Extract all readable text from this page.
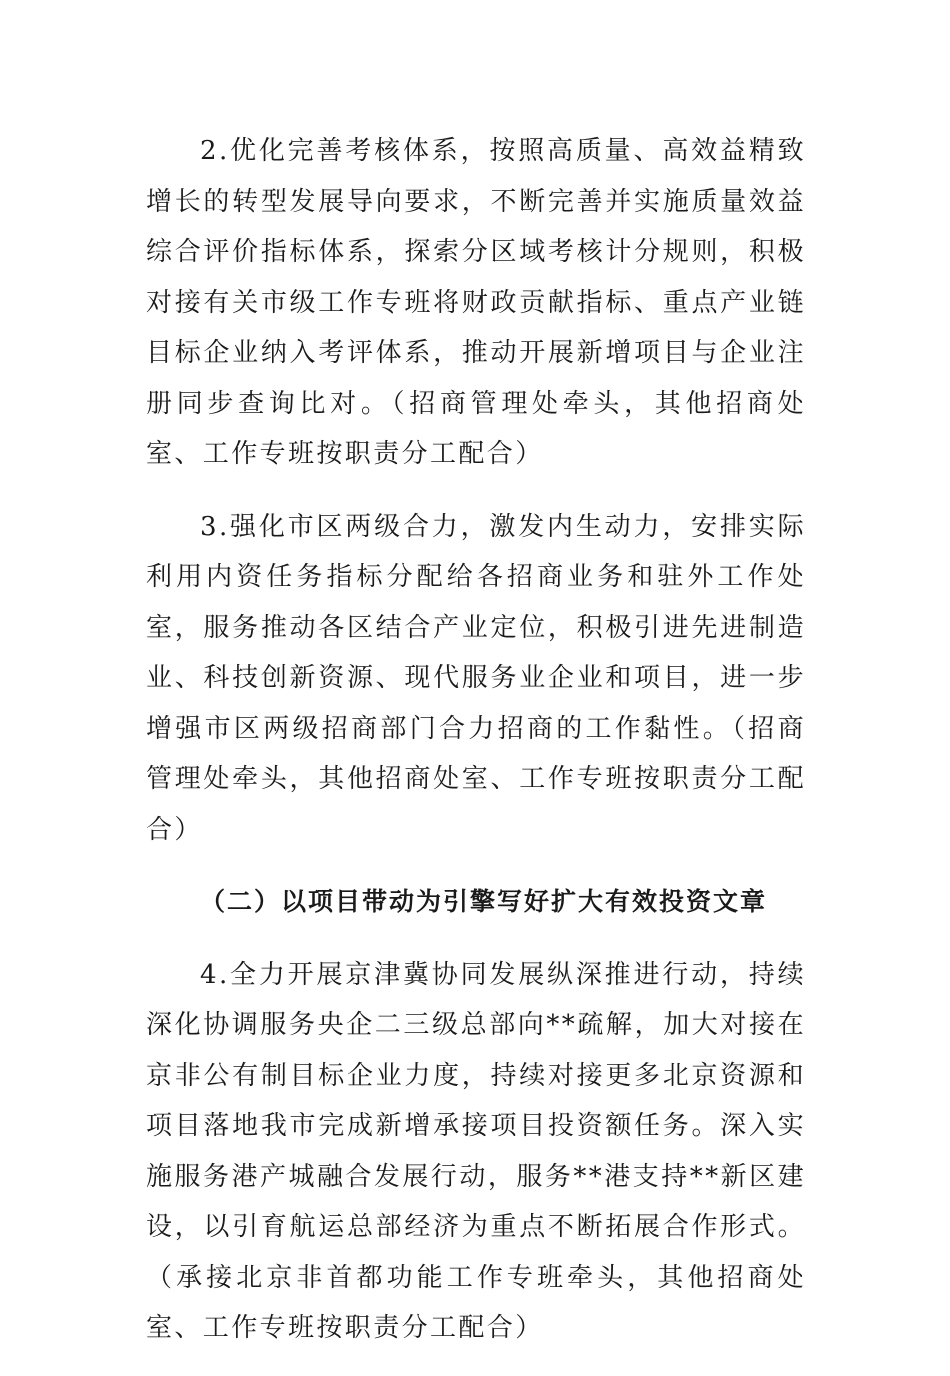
2.优化完善考核体系，按照高质量、高效益精致增长的转型发展导向要求，不断完善并实施质量效益综合评价指标体系，探索分区域考核计分规则，积极对接有关市级工作专班将财政贡献指标、重点产业链目标企业纳入考评体系，推动开展新增项目与企业注册同步查询比对。（招商管理处牵头，其他招商处室、工作专班按职责分工配合）

3.强化市区两级合力，激发内生动力，安排实际利用内资任务指标分配给各招商业务和驻外工作处室，服务推动各区结合产业定位，积极引进先进制造业、科技创新资源、现代服务业企业和项目，进一步增强市区两级招商部门合力招商的工作黏性。（招商管理处牵头，其他招商处室、工作专班按职责分工配合）

（二）以项目带动为引擎写好扩大有效投资文章

4.全力开展京津冀协同发展纵深推进行动，持续深化协调服务央企二三级总部向**疏解，加大对接在京非公有制目标企业力度，持续对接更多北京资源和项目落地我市完成新增承接项目投资额任务。深入实施服务港产城融合发展行动，服务**港支持**新区建设，以引育航运总部经济为重点不断拓展合作形式。（承接北京非首都功能工作专班牵头，其他招商处室、工作专班按职责分工配合）
